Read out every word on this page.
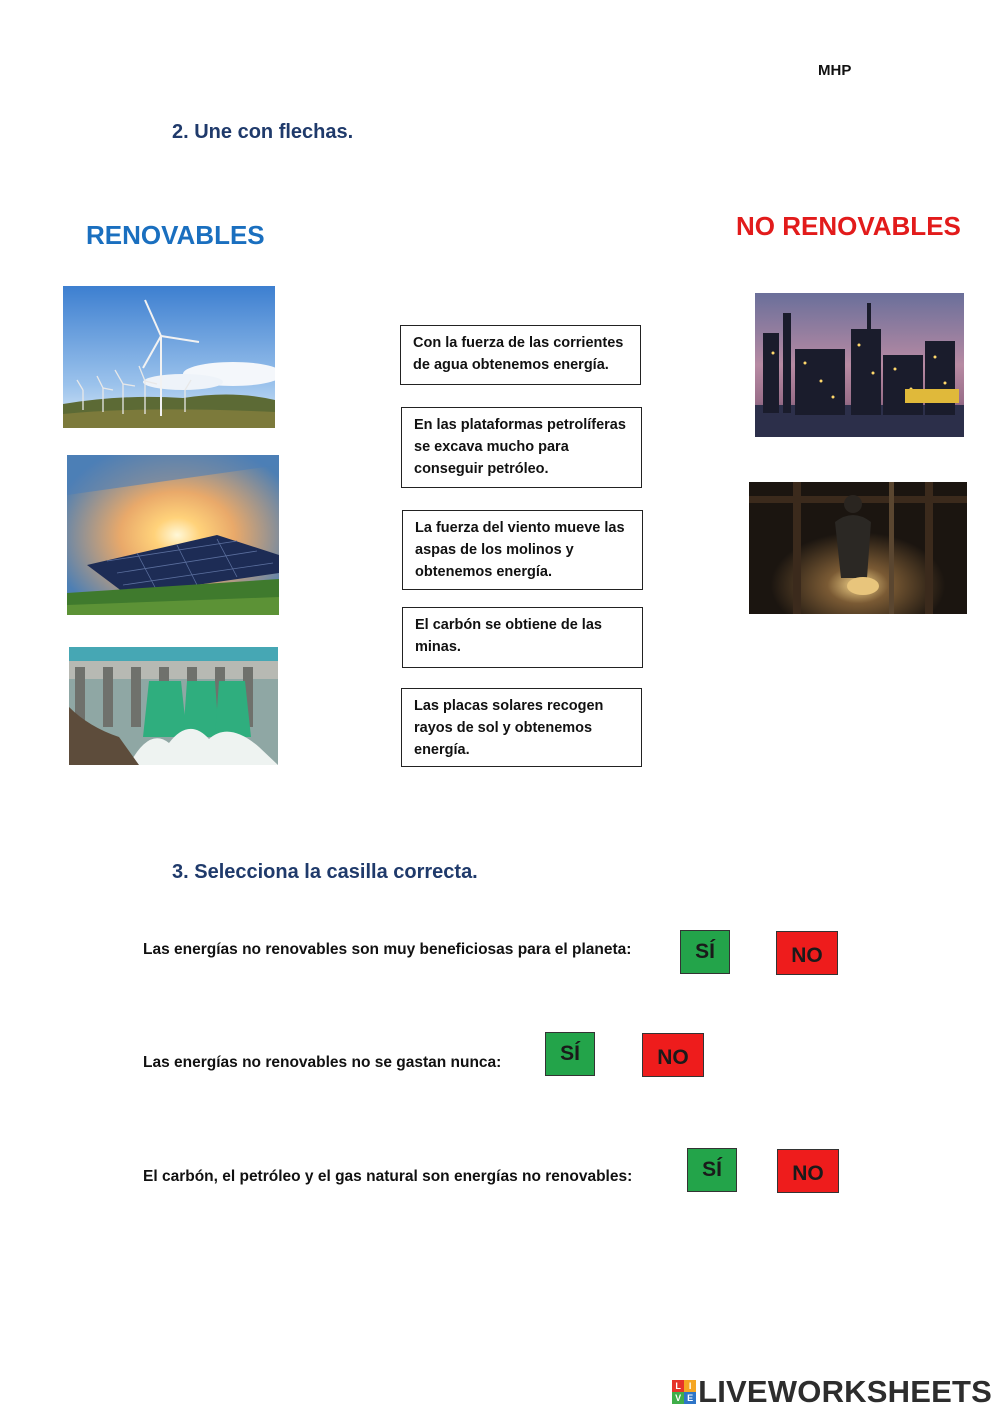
MHP
2. Une con flechas.
RENOVABLES	NO RENOVABLES
Con la fuerza de las corrientes de agua obtenemos energía.
En las plataformas petrolíferas se excava mucho para conseguir petróleo.
La fuerza del viento mueve las aspas de los molinos y obtenemos energía.
El carbón se obtiene de las minas.
Las placas solares recogen rayos de sol y obtenemos energía.
3. Selecciona la casilla correcta.
Las energías no renovables son muy beneficiosas para el planeta:	SÍ	NO
Las energías no renovables no se gastan nunca:	SÍ	NO
El carbón, el petróleo y el gas natural son energías no renovables:	SÍ	NO
L I
V E LIVEWORKSHEETS
